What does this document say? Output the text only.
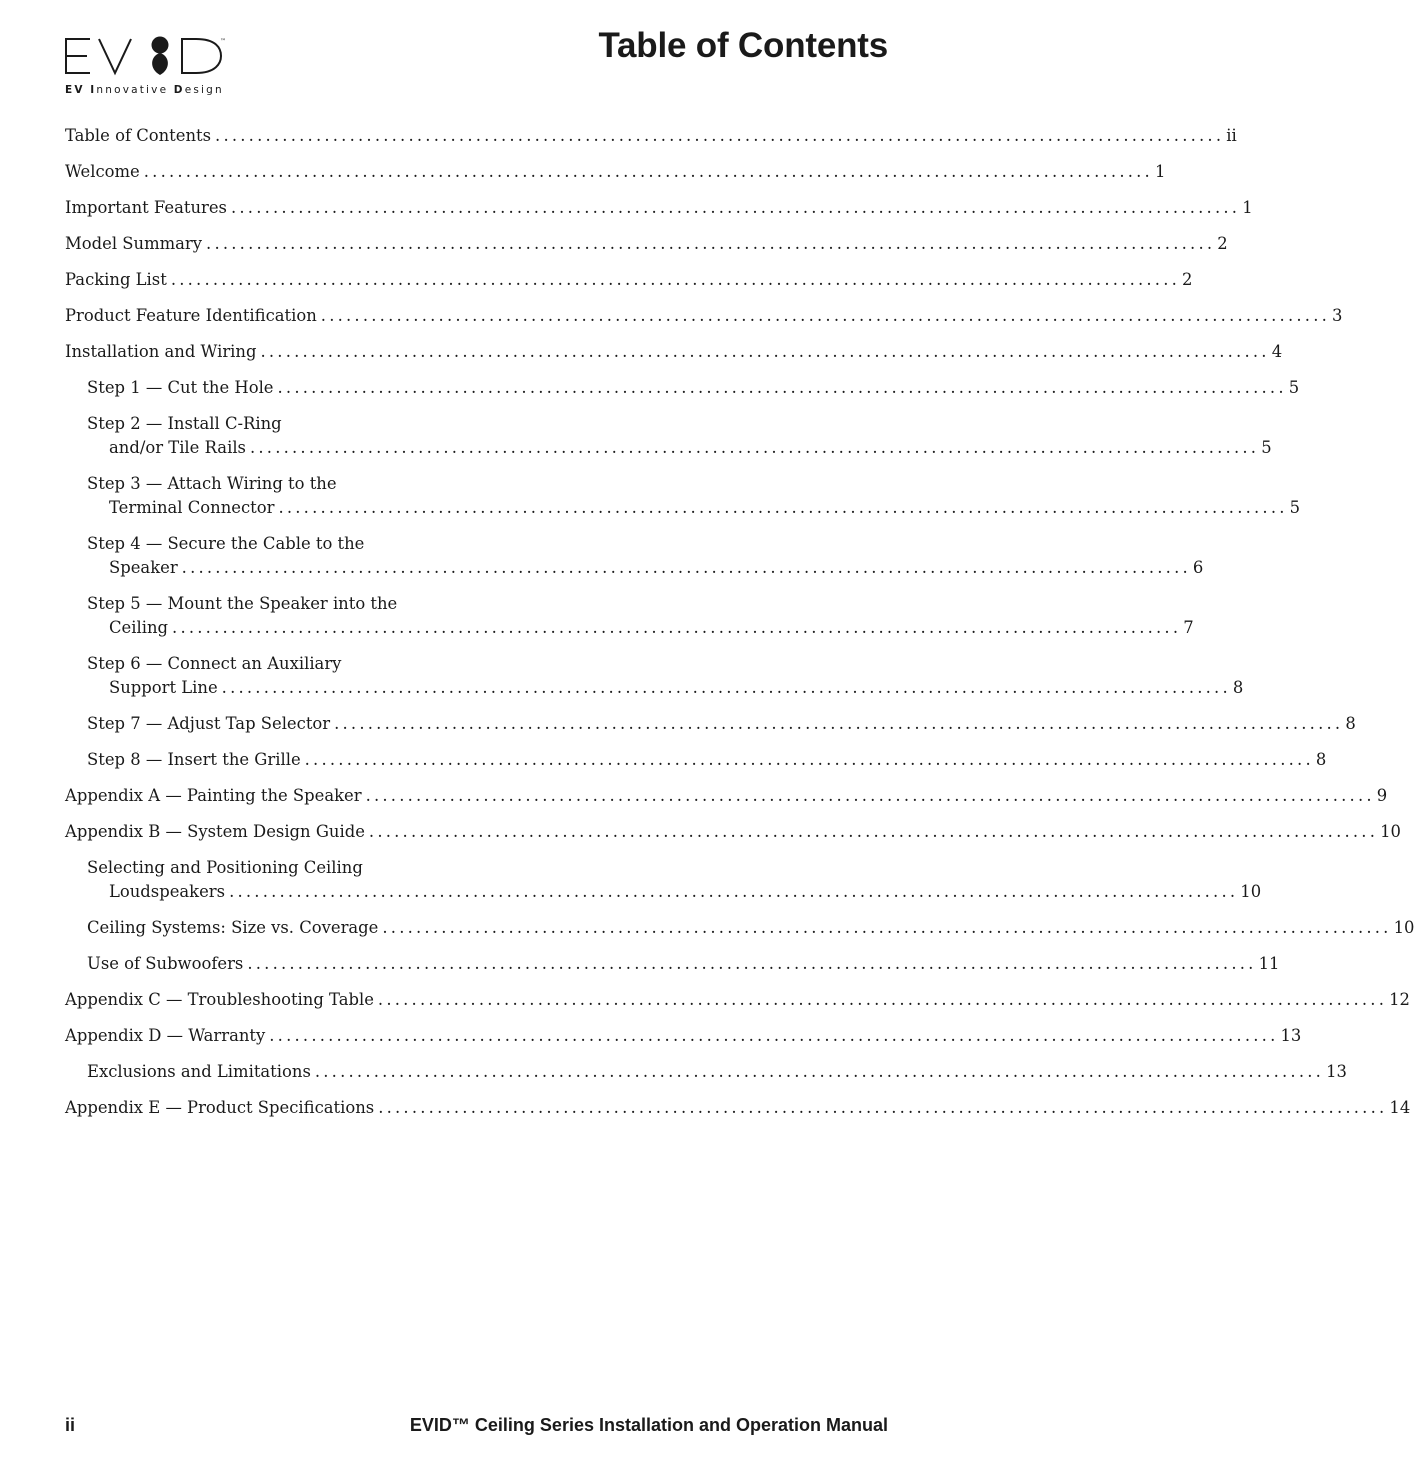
™
EV Innovative Design
Table of Contents
Table of Contents ........................................................................................................................ ii
Welcome ........................................................................................................................ 1
Important Features ........................................................................................................................ 1
Model Summary ........................................................................................................................ 2
Packing List ........................................................................................................................ 2
Product Feature Identification ........................................................................................................................ 3
Installation and Wiring ........................................................................................................................ 4
Step 1 — Cut the Hole ........................................................................................................................ 5
Step 2 — Install C-Ring
and/or Tile Rails ........................................................................................................................ 5
Step 3 — Attach Wiring to the
Terminal Connector ........................................................................................................................ 5
Step 4 — Secure the Cable to the
Speaker ........................................................................................................................ 6
Step 5 — Mount the Speaker into the
Ceiling ........................................................................................................................ 7
Step 6 — Connect an Auxiliary
Support Line ........................................................................................................................ 8
Step 7 — Adjust Tap Selector ........................................................................................................................ 8
Step 8 — Insert the Grille ........................................................................................................................ 8
Appendix A — Painting the Speaker ........................................................................................................................ 9
Appendix B — System Design Guide ........................................................................................................................ 10
Selecting and Positioning Ceiling
Loudspeakers ........................................................................................................................ 10
Ceiling Systems: Size vs. Coverage ........................................................................................................................ 10
Use of Subwoofers ........................................................................................................................ 11
Appendix C — Troubleshooting Table ........................................................................................................................ 12
Appendix D — Warranty ........................................................................................................................ 13
Exclusions and Limitations ........................................................................................................................ 13
Appendix E — Product Specifications ........................................................................................................................ 14
ii	EVID™ Ceiling Series Installation and Operation Manual
